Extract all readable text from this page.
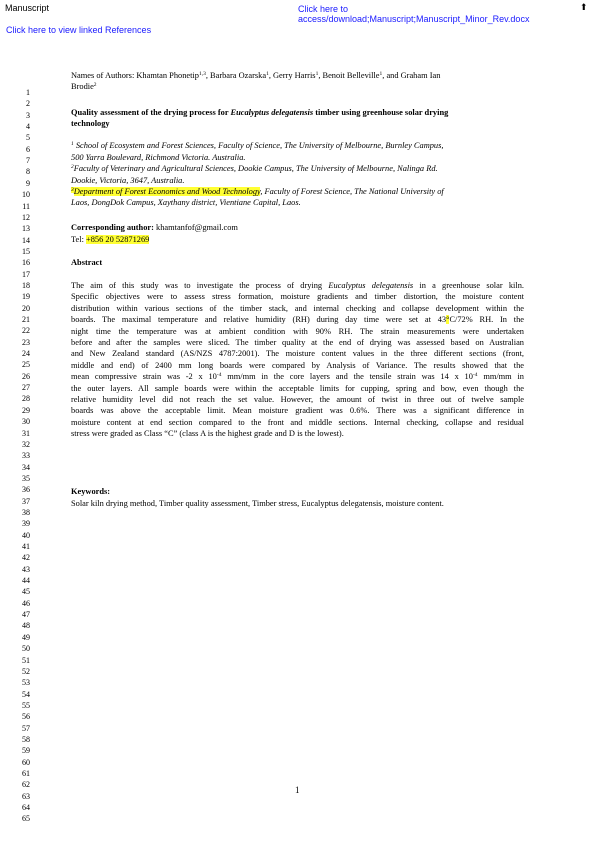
Manuscript	Click here to
access/download;Manuscript;Manuscript_Minor_Rev.docx
⬆
Click here to view linked References
1
2
3
4
5
6
7
8
9
10
11
12
13
14
15
16
17
18
19
20
21
22
23
24
25
26
27
28
29
30
31
32
33
34
35
36
37
38
39
40
41
42
43
44
45
46
47
48
49
50
51
52
53
54
55
56
57
58
59
60
61
62
63
64
65
Names of Authors: Khamtan Phonetip$^{1,3}$, Barbara Ozarska$^1$, Gerry Harris$^1$, Benoit Belleville$^1$, and Graham Ian
Brodie$^2$
Quality assessment of the drying process for Eucalyptus delegatensis timber using greenhouse solar drying
technology
$^1$ School of Ecosystem and Forest Sciences, Faculty of Science, The University of Melbourne, Burnley Campus,
500 Yarra Boulevard, Richmond Victoria. Australia.
$^2$Faculty of Veterinary and Agricultural Sciences, Dookie Campus, The University of Melbourne, Nalinga Rd.
Dookie, Victoria, 3647, Australia.
$^3$Department of Forest Economics and Wood Technology, Faculty of Forest Science, The National University of
Laos, DongDok Campus, Xaythany district, Vientiane Capital, Laos.
Corresponding author: khamtanfof@gmail.com
Tel: +856 20 52871269
Abstract
The aim of this study was to investigate the process of drying Eucalyptus delegatensis in a greenhouse solar kiln.
Specific objectives were to assess stress formation, moisture gradients and timber distortion, the moisture content
distribution within various sections of the timber stack, and internal checking and collapse development within the
boards. The maximal temperature and relative humidity (RH) during day time were set at 43°C/72% RH. In the
night time the temperature was at ambient condition with 90% RH. The strain measurements were undertaken
before and after the samples were sliced. The timber quality at the end of drying was assessed based on Australian
and New Zealand standard (AS/NZS 4787:2001). The moisture content values in the three different sections (front,
middle and end) of 2400 mm long boards were compared by Analysis of Variance. The results showed that the
mean compressive strain was -2 x $10^{-4}$ mm/mm in the core layers and the tensile strain was 14 x $10^{-4}$ mm/mm in
the outer layers. All sample boards were within the acceptable limits for cupping, spring and bow, even though the
relative humidity level did not reach the set value. However, the amount of twist in three out of twelve sample
boards was above the acceptable limit. Mean moisture gradient was 0.6%. There was a significant difference in
moisture content at end section compared to the front and middle sections. Internal checking, collapse and residual
stress were graded as Class “C” (class A is the highest grade and D is the lowest).
Keywords:
Solar kiln drying method, Timber quality assessment, Timber stress, Eucalyptus delegatensis, moisture content.
1
